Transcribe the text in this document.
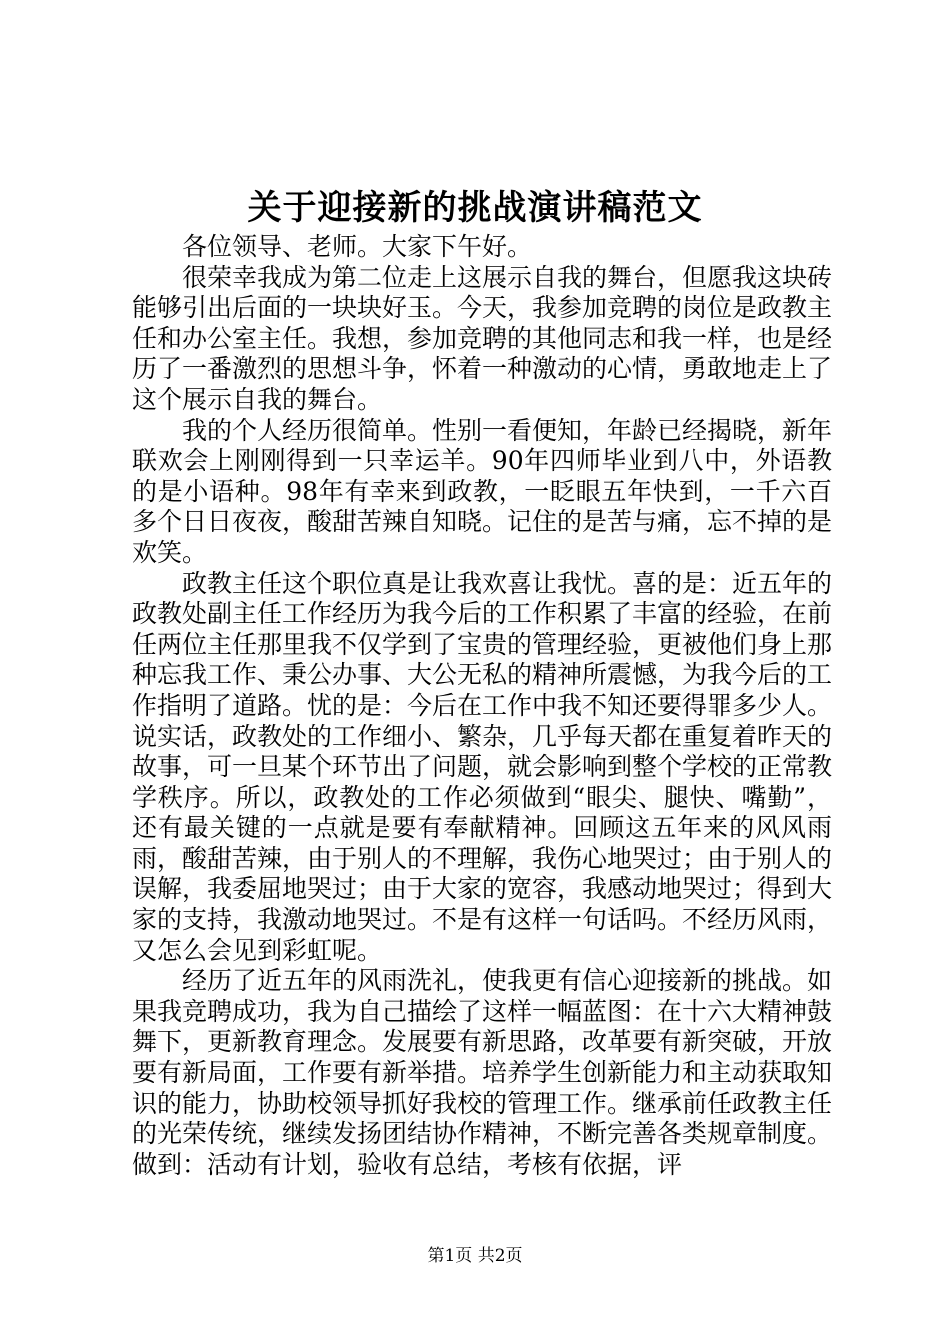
关于迎接新的挑战演讲稿范文

各位领导、老师。大家下午好。

很荣幸我成为第二位走上这展示自我的舞台，但愿我这块砖能够引出后面的一块块好玉。今天，我参加竞聘的岗位是政教主任和办公室主任。我想，参加竞聘的其他同志和我一样，也是经历了一番激烈的思想斗争，怀着一种激动的心情，勇敢地走上了这个展示自我的舞台。

我的个人经历很简单。性别一看便知，年龄已经揭晓，新年联欢会上刚刚得到一只幸运羊。90年四师毕业到八中，外语教的是小语种。98年有幸来到政教，一眨眼五年快到，一千六百多个日日夜夜，酸甜苦辣自知晓。记住的是苦与痛，忘不掉的是欢笑。

政教主任这个职位真是让我欢喜让我忧。喜的是：近五年的政教处副主任工作经历为我今后的工作积累了丰富的经验，在前任两位主任那里我不仅学到了宝贵的管理经验，更被他们身上那种忘我工作、秉公办事、大公无私的精神所震憾，为我今后的工作指明了道路。忧的是：今后在工作中我不知还要得罪多少人。说实话，政教处的工作细小、繁杂，几乎每天都在重复着昨天的故事，可一旦某个环节出了问题，就会影响到整个学校的正常教学秩序。所以，政教处的工作必须做到“眼尖、腿快、嘴勤”，还有最关键的一点就是要有奉献精神。回顾这五年来的风风雨雨，酸甜苦辣，由于别人的不理解，我伤心地哭过；由于别人的误解，我委屈地哭过；由于大家的宽容，我感动地哭过；得到大家的支持，我激动地哭过。不是有这样一句话吗。不经历风雨，又怎么会见到彩虹呢。

经历了近五年的风雨洗礼，使我更有信心迎接新的挑战。如果我竞聘成功，我为自己描绘了这样一幅蓝图：在十六大精神鼓舞下，更新教育理念。发展要有新思路，改革要有新突破，开放要有新局面，工作要有新举措。培养学生创新能力和主动获取知识的能力，协助校领导抓好我校的管理工作。继承前任政教主任的光荣传统，继续发扬团结协作精神，不断完善各类规章制度。做到：活动有计划，验收有总结，考核有依据，评

第1页 共2页
